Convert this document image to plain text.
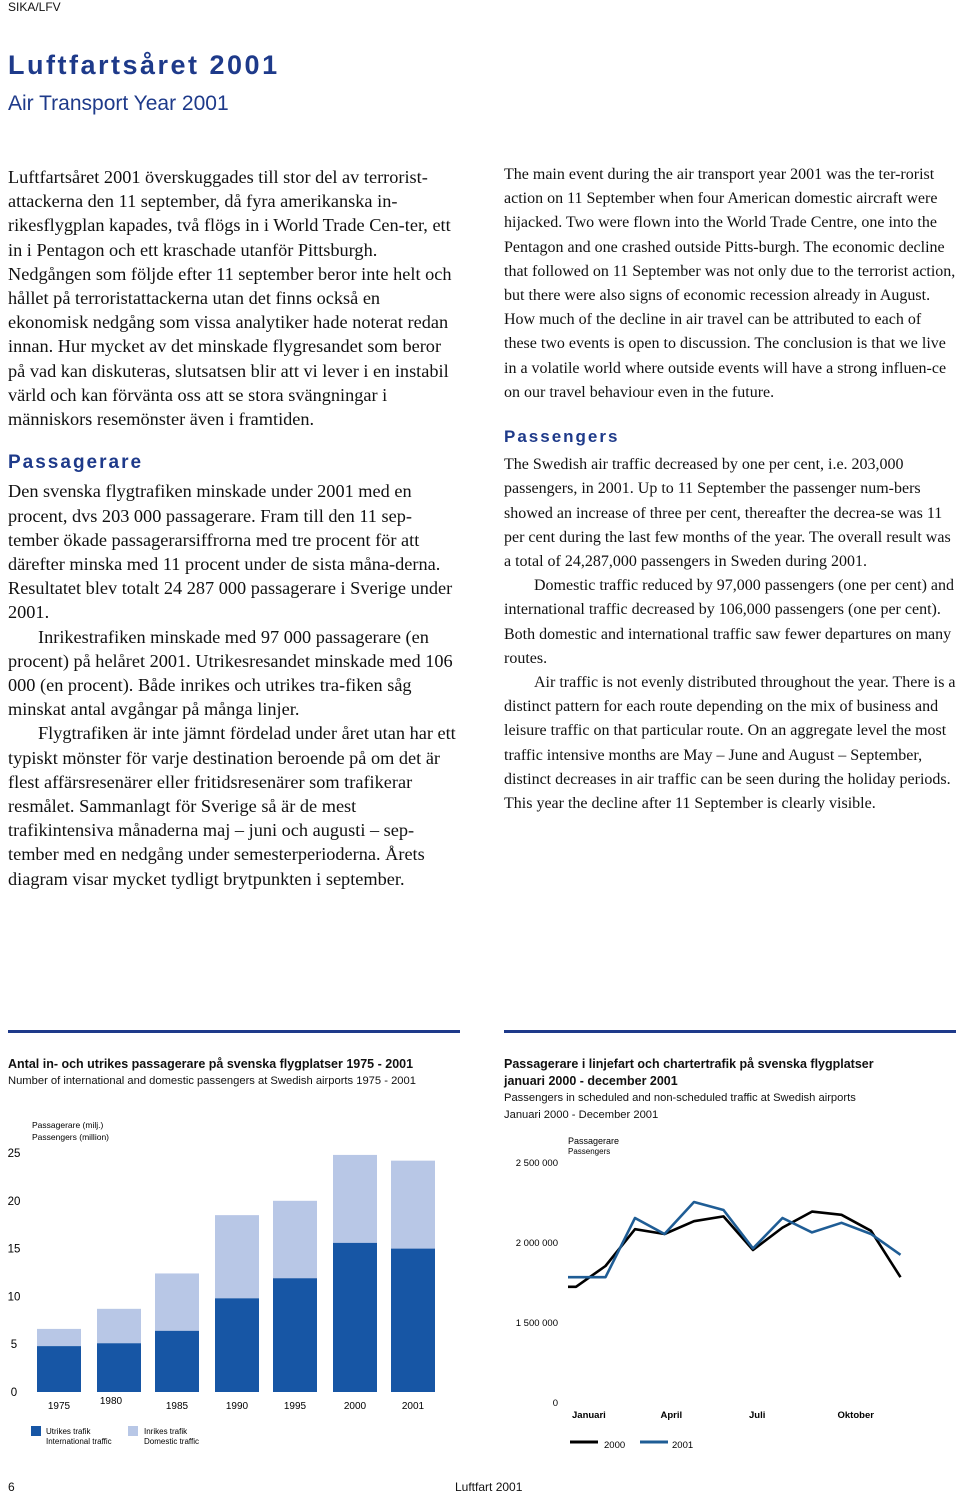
SIKA/LFV
Luftfartsåret 2001
Air Transport Year 2001

Luftfartsåret 2001 överskuggades till stor del av terrorist-attackerna den 11 september, då fyra amerikanska in-rikesflygplan kapades, två flögs in i World Trade Cen-ter, ett in i Pentagon och ett kraschade utanför Pittsburgh. Nedgången som följde efter 11 september beror inte helt och hållet på terroristattackerna utan det finns också en ekonomisk nedgång som vissa analytiker hade noterat redan innan. Hur mycket av det minskade flygresandet som beror på vad kan diskuteras, slutsatsen blir att vi lever i en instabil värld och kan förvänta oss att se stora svängningar i människors resemönster även i framtiden.

Passagerare

Den svenska flygtrafiken minskade under 2001 med en procent, dvs 203 000 passagerare. Fram till den 11 sep-tember ökade passagerarsiffrorna med tre procent för att därefter minska med 11 procent under de sista måna-derna. Resultatet blev totalt 24 287 000 passagerare i Sverige under 2001.

Inrikestrafiken minskade med 97 000 passagerare (en procent) på helåret 2001. Utrikesresandet minskade med 106 000 (en procent). Både inrikes och utrikes tra-fiken såg minskat antal avgångar på många linjer.

Flygtrafiken är inte jämnt fördelad under året utan har ett typiskt mönster för varje destination beroende på om det är flest affärsresenärer eller fritidsresenärer som trafikerar resmålet. Sammanlagt för Sverige så är de mest trafikintensiva månaderna maj – juni och augusti – sep-tember med en nedgång under semesterperioderna. Årets diagram visar mycket tydligt brytpunkten i september.

The main event during the air transport year 2001 was the ter-rorist action on 11 September when four American domestic aircraft were hijacked. Two were flown into the World Trade Centre, one into the Pentagon and one crashed outside Pitts-burgh. The economic decline that followed on 11 September was not only due to the terrorist action, but there were also signs of economic recession already in August. How much of the decline in air travel can be attributed to each of these two events is open to discussion. The conclusion is that we live in a volatile world where outside events will have a strong influen-ce on our travel behaviour even in the future.

Passengers

The Swedish air traffic decreased by one per cent, i.e. 203,000 passengers, in 2001. Up to 11 September the passenger num-bers showed an increase of three per cent, thereafter the decrea-se was 11 per cent during the last few months of the year. The overall result was a total of 24,287,000 passengers in Sweden during 2001.

Domestic traffic reduced by 97,000 passengers (one per cent) and international traffic decreased by 106,000 passengers (one per cent). Both domestic and international traffic saw fewer departures on many routes.

Air traffic is not evenly distributed throughout the year. There is a distinct pattern for each route depending on the mix of business and leisure traffic on that particular route. On an aggregate level the most traffic intensive months are May – June and August – September, distinct decreases in air traffic can be seen during the holiday periods. This year the decline after 11 September is clearly visible.

Antal in- och utrikes passagerare på svenska flygplatser 1975 - 2001
Number of international and domestic passengers at Swedish airports 1975 - 2001
Passagerare (milj.)
Passengers (million)
0
5
10
15
20
25
1975	1980	1985	1990	1995	2000	2001
Utrikes trafik
International traffic
Inrikes trafik
Domestic traffic
Passagerare i linjefart och chartertrafik på svenska flygplatser
januari 2000 - december 2001
Passengers in scheduled and non-scheduled traffic at Swedish airports
Januari 2000 - December 2001
Passagerare
Passengers
0
1 500 000
2 000 000
2 500 000
Januari	April	Juli	Oktober
2000	2001
6	Luftfart 2001
